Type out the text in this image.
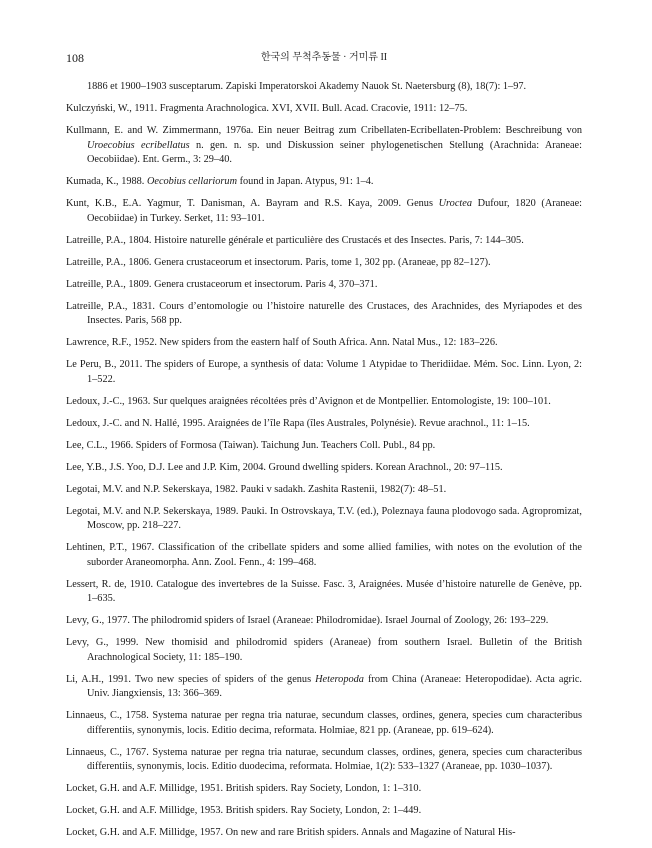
108	한국의 무척추동물 · 거미류 II

1886 et 1900–1903 susceptarum. Zapiski Imperatorskoi Akademy Nauok St. Naetersburg (8), 18(7): 1–97.

Kulczyński, W., 1911. Fragmenta Arachnologica. XVI, XVII. Bull. Acad. Cracovie, 1911: 12–75.

Kullmann, E. and W. Zimmermann, 1976a. Ein neuer Beitrag zum Cribellaten-Ecribellaten-Problem: Beschreibung von Uroecobius ecribellatus n. gen. n. sp. und Diskussion seiner phylogenetischen Stellung (Arachnida: Araneae: Oecobiidae). Ent. Germ., 3: 29–40.

Kumada, K., 1988. Oecobius cellariorum found in Japan. Atypus, 91: 1–4.

Kunt, K.B., E.A. Yagmur, T. Danisman, A. Bayram and R.S. Kaya, 2009. Genus Uroctea Dufour, 1820 (Araneae: Oecobiidae) in Turkey. Serket, 11: 93–101.

Latreille, P.A., 1804. Histoire naturelle générale et particulière des Crustacés et des Insectes. Paris, 7: 144–305.

Latreille, P.A., 1806. Genera crustaceorum et insectorum. Paris, tome 1, 302 pp. (Araneae, pp 82–127).

Latreille, P.A., 1809. Genera crustaceorum et insectorum. Paris 4, 370–371.

Latreille, P.A., 1831. Cours d’entomologie ou l’histoire naturelle des Crustaces, des Arachnides, des Myriapodes et des Insectes. Paris, 568 pp.

Lawrence, R.F., 1952. New spiders from the eastern half of South Africa. Ann. Natal Mus., 12: 183–226.

Le Peru, B., 2011. The spiders of Europe, a synthesis of data: Volume 1 Atypidae to Theridiidae. Mém. Soc. Linn. Lyon, 2: 1–522.

Ledoux, J.-C., 1963. Sur quelques araignées récoltées près d’Avignon et de Montpellier. Entomologiste, 19: 100–101.

Ledoux, J.-C. and N. Hallé, 1995. Araignées de l’île Rapa (îles Australes, Polynésie). Revue arachnol., 11: 1–15.

Lee, C.L., 1966. Spiders of Formosa (Taiwan). Taichung Jun. Teachers Coll. Publ., 84 pp.

Lee, Y.B., J.S. Yoo, D.J. Lee and J.P. Kim, 2004. Ground dwelling spiders. Korean Arachnol., 20: 97–115.

Legotai, M.V. and N.P. Sekerskaya, 1982. Pauki v sadakh. Zashita Rastenii, 1982(7): 48–51.

Legotai, M.V. and N.P. Sekerskaya, 1989. Pauki. In Ostrovskaya, T.V. (ed.), Poleznaya fauna plodovogo sada. Agropromizat, Moscow, pp. 218–227.

Lehtinen, P.T., 1967. Classification of the cribellate spiders and some allied families, with notes on the evolution of the suborder Araneomorpha. Ann. Zool. Fenn., 4: 199–468.

Lessert, R. de, 1910. Catalogue des invertebres de la Suisse. Fasc. 3, Araignées. Musée d’histoire naturelle de Genève, pp. 1–635.

Levy, G., 1977. The philodromid spiders of Israel (Araneae: Philodromidae). Israel Journal of Zoology, 26: 193–229.

Levy, G., 1999. New thomisid and philodromid spiders (Araneae) from southern Israel. Bulletin of the British Arachnological Society, 11: 185–190.

Li, A.H., 1991. Two new species of spiders of the genus Heteropoda from China (Araneae: Heteropodidae). Acta agric. Univ. Jiangxiensis, 13: 366–369.

Linnaeus, C., 1758. Systema naturae per regna tria naturae, secundum classes, ordines, genera, species cum characteribus differentiis, synonymis, locis. Editio decima, reformata. Holmiae, 821 pp. (Araneae, pp. 619–624).

Linnaeus, C., 1767. Systema naturae per regna tria naturae, secundum classes, ordines, genera, species cum characteribus differentiis, synonymis, locis. Editio duodecima, reformata. Holmiae, 1(2): 533–1327 (Araneae, pp. 1030–1037).

Locket, G.H. and A.F. Millidge, 1951. British spiders. Ray Society, London, 1: 1–310.

Locket, G.H. and A.F. Millidge, 1953. British spiders. Ray Society, London, 2: 1–449.

Locket, G.H. and A.F. Millidge, 1957. On new and rare British spiders. Annals and Magazine of Natural His-
